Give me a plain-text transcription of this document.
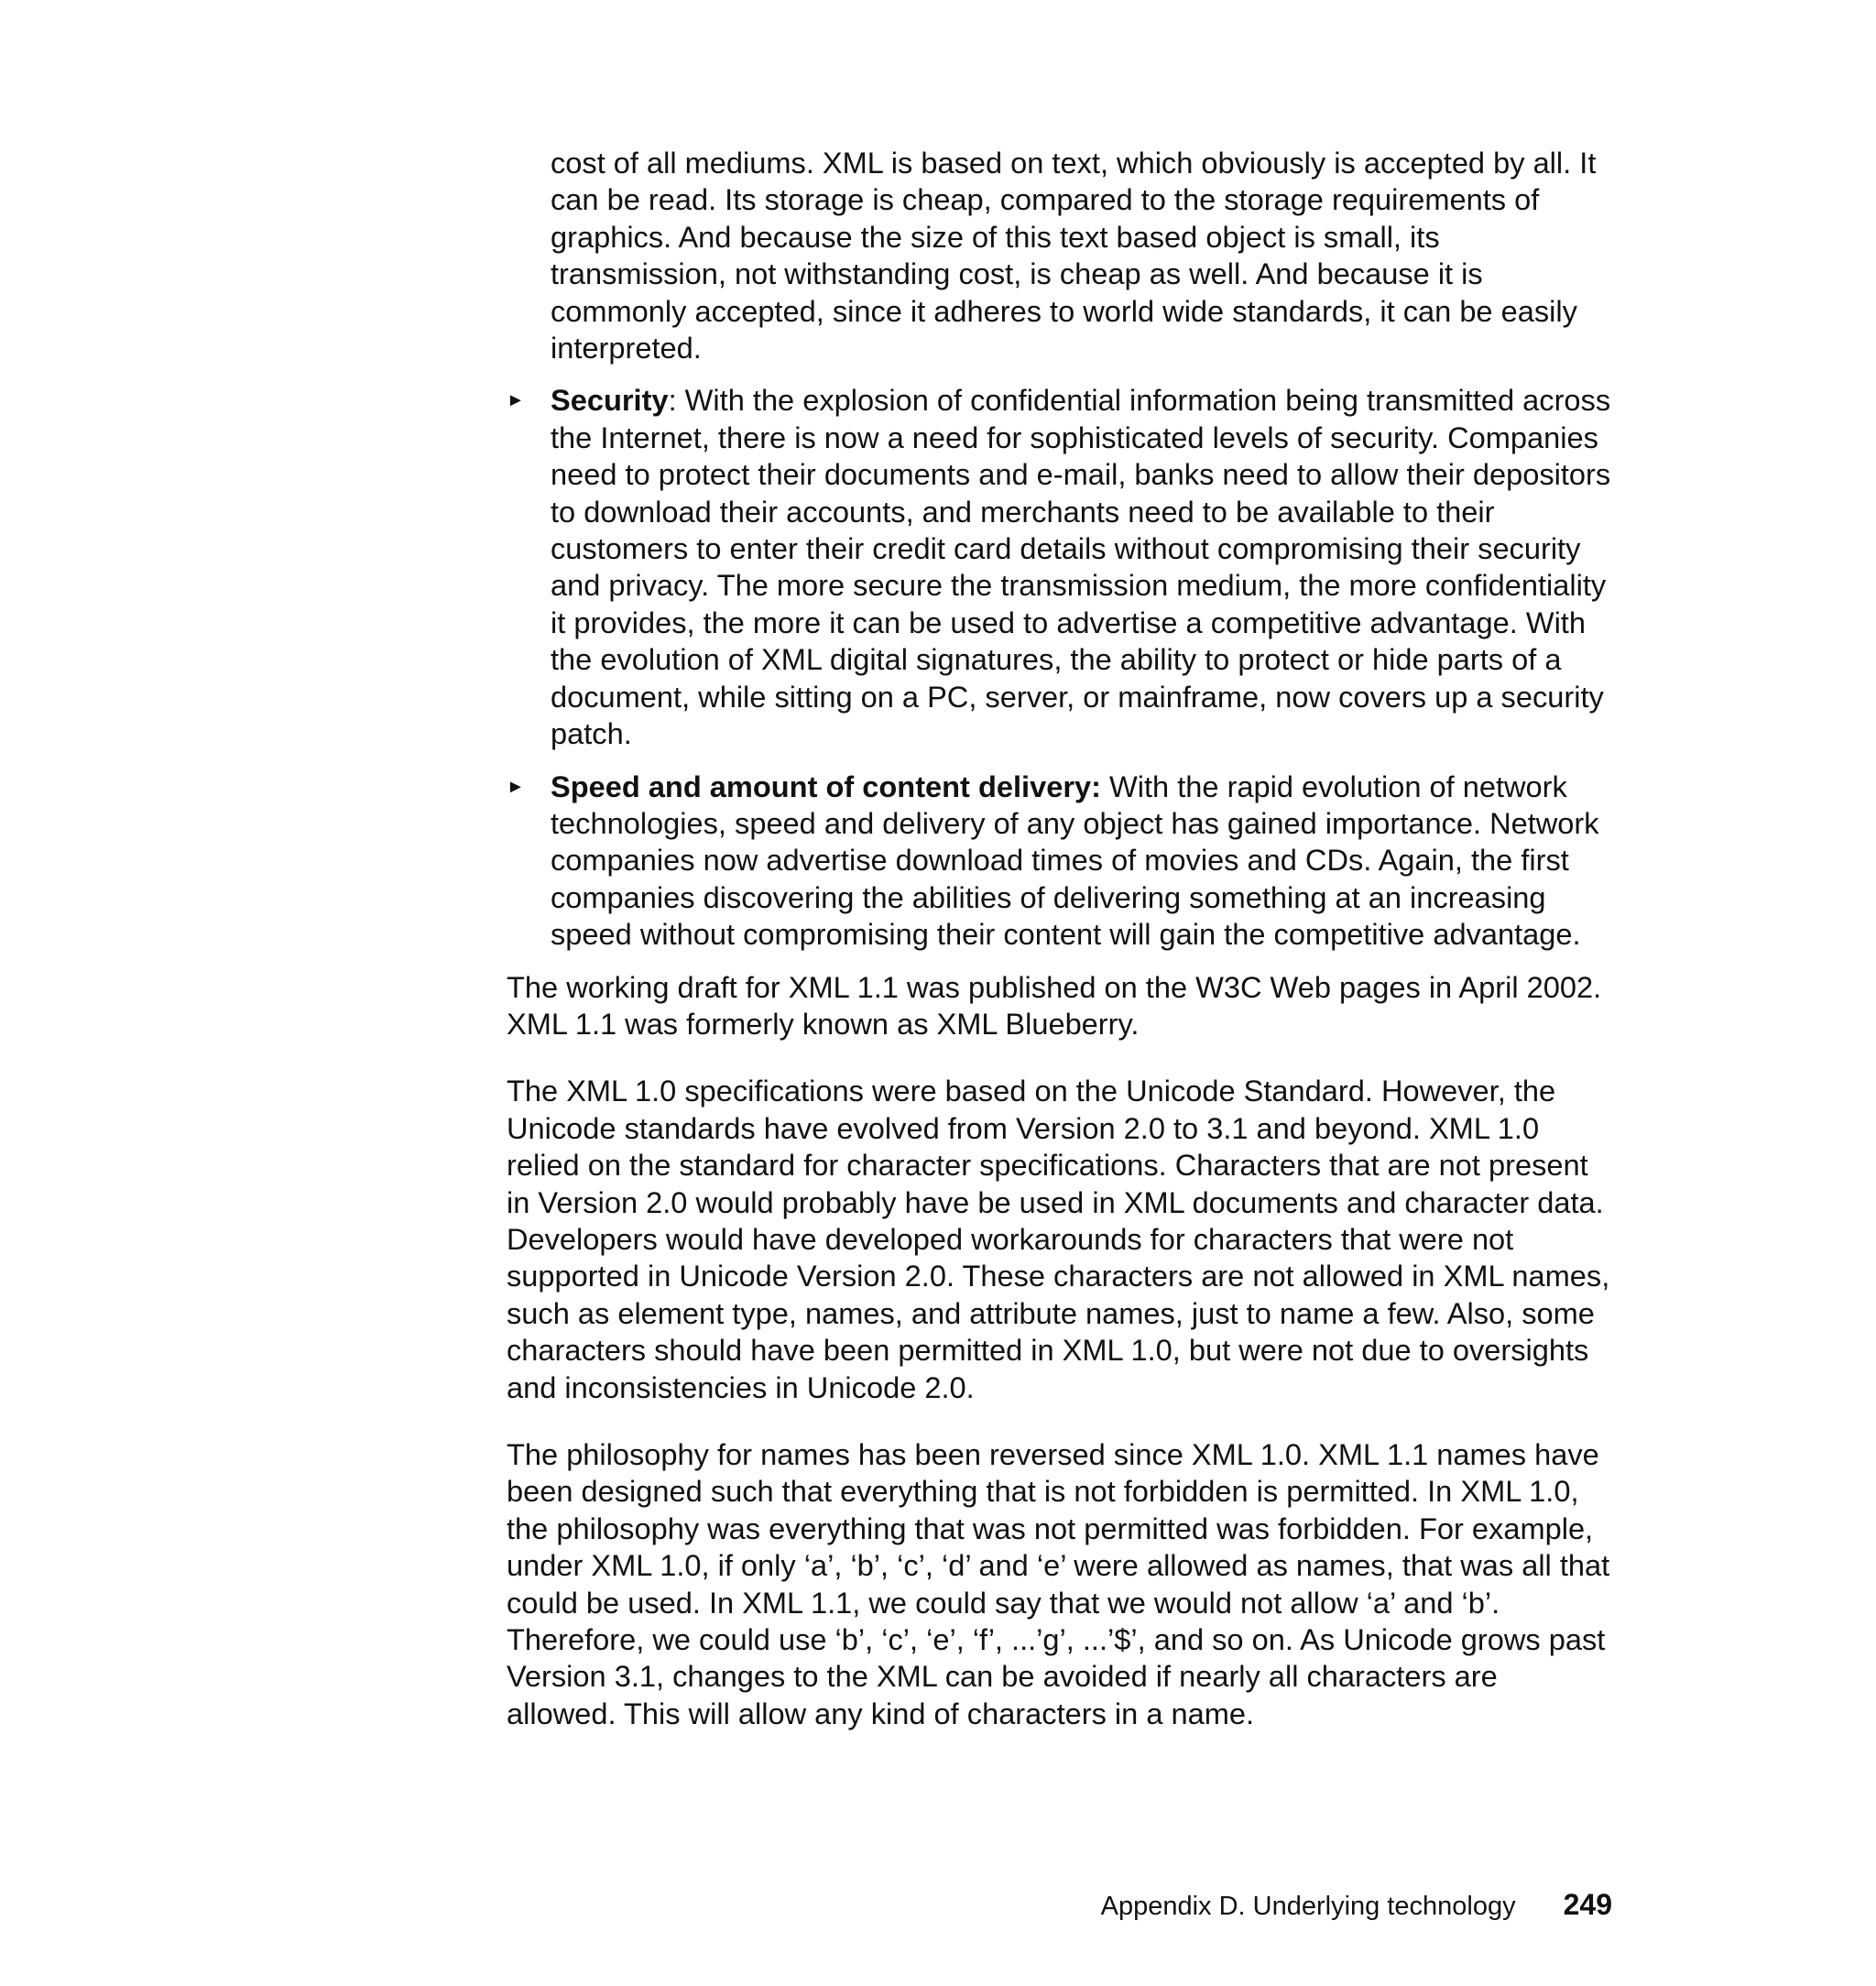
cost of all mediums. XML is based on text, which obviously is accepted by all. It can be read. Its storage is cheap, compared to the storage requirements of graphics. And because the size of this text based object is small, its transmission, not withstanding cost, is cheap as well. And because it is commonly accepted, since it adheres to world wide standards, it can be easily interpreted.

► Security: With the explosion of confidential information being transmitted across the Internet, there is now a need for sophisticated levels of security. Companies need to protect their documents and e-mail, banks need to allow their depositors to download their accounts, and merchants need to be available to their customers to enter their credit card details without compromising their security and privacy. The more secure the transmission medium, the more confidentiality it provides, the more it can be used to advertise a competitive advantage. With the evolution of XML digital signatures, the ability to protect or hide parts of a document, while sitting on a PC, server, or mainframe, now covers up a security patch.

► Speed and amount of content delivery: With the rapid evolution of network technologies, speed and delivery of any object has gained importance. Network companies now advertise download times of movies and CDs. Again, the first companies discovering the abilities of delivering something at an increasing speed without compromising their content will gain the competitive advantage.

The working draft for XML 1.1 was published on the W3C Web pages in April 2002. XML 1.1 was formerly known as XML Blueberry.

The XML 1.0 specifications were based on the Unicode Standard. However, the Unicode standards have evolved from Version 2.0 to 3.1 and beyond. XML 1.0 relied on the standard for character specifications. Characters that are not present in Version 2.0 would probably have be used in XML documents and character data. Developers would have developed workarounds for characters that were not supported in Unicode Version 2.0. These characters are not allowed in XML names, such as element type, names, and attribute names, just to name a few. Also, some characters should have been permitted in XML 1.0, but were not due to oversights and inconsistencies in Unicode 2.0.

The philosophy for names has been reversed since XML 1.0. XML 1.1 names have been designed such that everything that is not forbidden is permitted. In XML 1.0, the philosophy was everything that was not permitted was forbidden. For example, under XML 1.0, if only ‘a’, ‘b’, ‘c’, ‘d’ and ‘e’ were allowed as names, that was all that could be used. In XML 1.1, we could say that we would not allow ‘a’ and ‘b’. Therefore, we could use ‘b’, ‘c’, ‘e’, ‘f’, ...’g’, ...’$’, and so on. As Unicode grows past Version 3.1, changes to the XML can be avoided if nearly all characters are allowed. This will allow any kind of characters in a name.

Appendix D. Underlying technology 249
